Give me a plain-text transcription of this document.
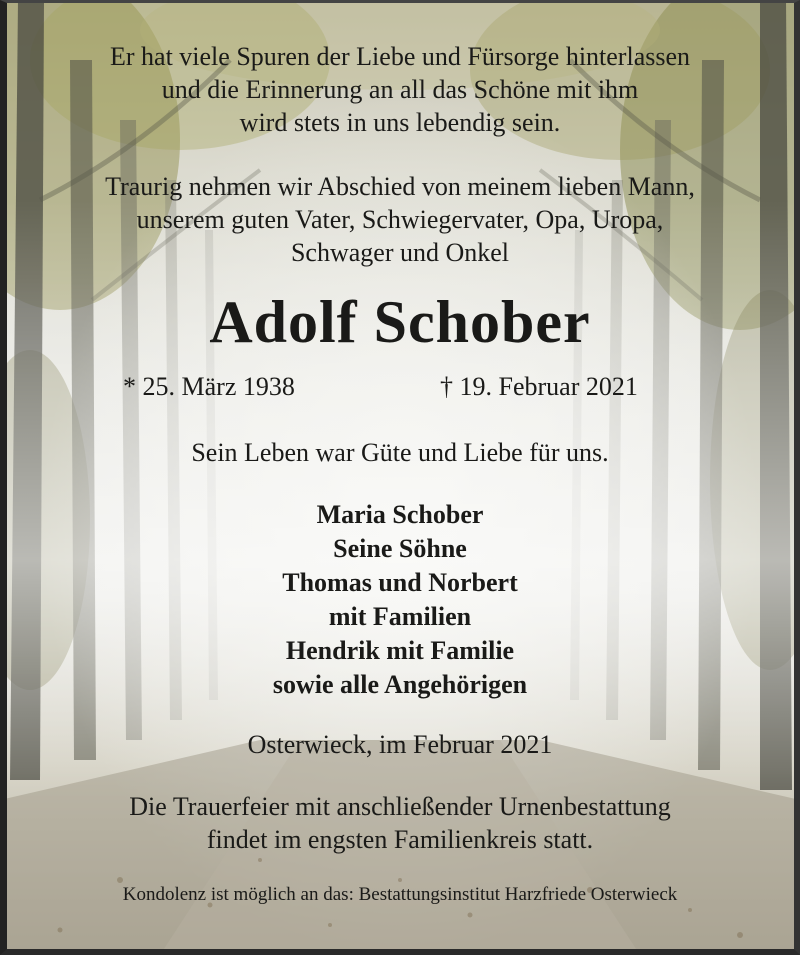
Er hat viele Spuren der Liebe und Fürsorge hinterlassen
und die Erinnerung an all das Schöne mit ihm
wird stets in uns lebendig sein.
Traurig nehmen wir Abschied von meinem lieben Mann,
unserem guten Vater, Schwiegervater, Opa, Uropa,
Schwager und Onkel
Adolf Schober
* 25. März 1938	† 19. Februar 2021
Sein Leben war Güte und Liebe für uns.
Maria Schober
Seine Söhne
Thomas und Norbert
mit Familien
Hendrik mit Familie
sowie alle Angehörigen
Osterwieck, im Februar 2021
Die Trauerfeier mit anschließender Urnenbestattung
findet im engsten Familienkreis statt.
Kondolenz ist möglich an das: Bestattungsinstitut Harzfriede Osterwieck
